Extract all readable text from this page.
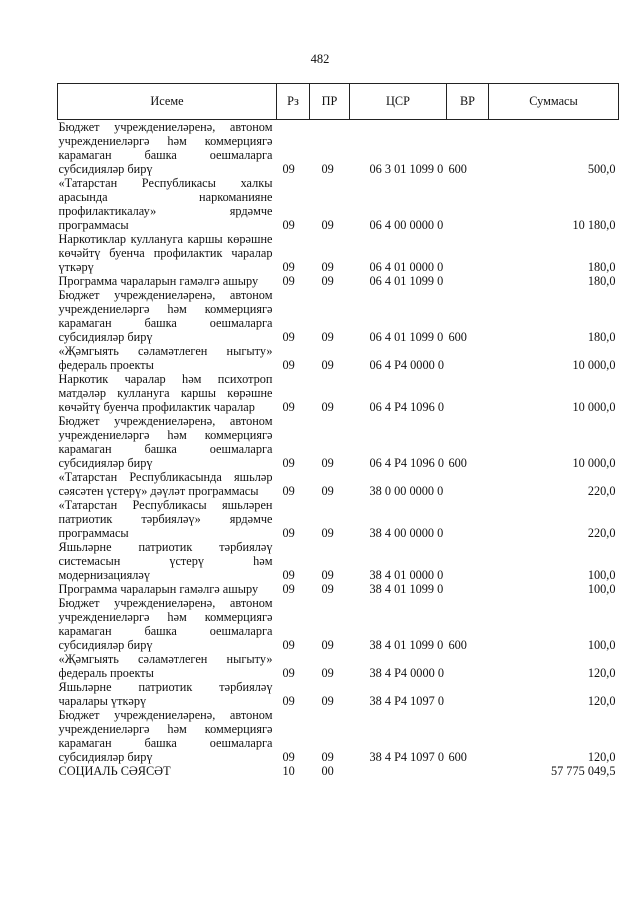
482
Исеме	Рз	ПР	ЦСР	ВР	Суммасы
Бюджет учреждениеләренә, автоном учреждениеләргә һәм коммерциягә карамаган башка оешмаларга субсидияләр бирү	09	09	06 3 01 1099 0	600	500,0
«Татарстан Республикасы халкы арасында наркоманияне профилактикалау» ярдәмче программасы	09	09	06 4 00 0000 0		10 180,0
Наркотиклар куллануга каршы көрәшне көчәйтү буенча профилактик чаралар үткәрү	09	09	06 4 01 0000 0		180,0
Программа чараларын гамәлгә ашыру	09	09	06 4 01 1099 0		180,0
Бюджет учреждениеләренә, автоном учреждениеләргә һәм коммерциягә карамаган башка оешмаларга субсидияләр бирү	09	09	06 4 01 1099 0	600	180,0
«Җәмгыять сәламәтлеген ныгыту» федераль проекты	09	09	06 4 P4 0000 0		10 000,0
Наркотик чаралар һәм психотроп матдәләр куллануга каршы көрәшне көчәйтү буенча профилактик чаралар	09	09	06 4 P4 1096 0		10 000,0
Бюджет учреждениеләренә, автоном учреждениеләргә һәм коммерциягә карамаган башка оешмаларга субсидияләр бирү	09	09	06 4 P4 1096 0	600	10 000,0
«Татарстан Республикасында яшьләр сәясәтен үстерү» дәүләт программасы	09	09	38 0 00 0000 0		220,0
«Татарстан Республикасы яшьләрен патриотик тәрбияләү» ярдәмче программасы	09	09	38 4 00 0000 0		220,0
Яшьләрне патриотик тәрбияләү системасын үстерү һәм модернизацияләү	09	09	38 4 01 0000 0		100,0
Программа чараларын гамәлгә ашыру	09	09	38 4 01 1099 0		100,0
Бюджет учреждениеләренә, автоном учреждениеләргә һәм коммерциягә карамаган башка оешмаларга субсидияләр бирү	09	09	38 4 01 1099 0	600	100,0
«Җәмгыять сәламәтлеген ныгыту» федераль проекты	09	09	38 4 P4 0000 0		120,0
Яшьләрне патриотик тәрбияләү чаралары үткәрү	09	09	38 4 P4 1097 0		120,0
Бюджет учреждениеләренә, автоном учреждениеләргә һәм коммерциягә карамаган башка оешмаларга субсидияләр бирү	09	09	38 4 P4 1097 0	600	120,0
СОЦИАЛЬ СӘЯСӘТ	10	00			57 775 049,5
